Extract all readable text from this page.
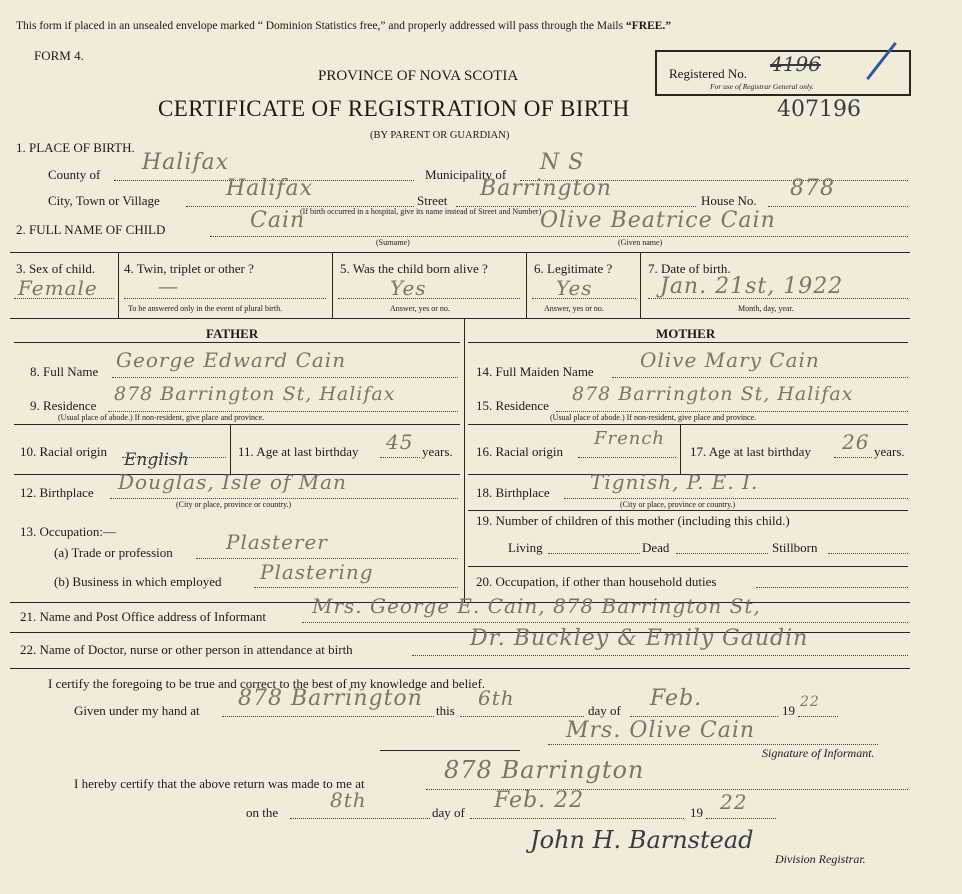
This form if placed in an unsealed envelope marked “ Dominion Statistics free,” and properly addressed will pass through the Mails “FREE.”
FORM 4.
PROVINCE OF NOVA SCOTIA	Registered No. 4196
For use of Registrar General only.
CERTIFICATE OF REGISTRATION OF BIRTH	407196
(BY PARENT OR GUARDIAN)
1. PLACE OF BIRTH.
County of Halifax	Municipality of N S
City, Town or Village	Halifax	Street Barrington	House No. 878
(If birth occurred in a hospital, give its name instead of Street and Number)
2. FULL NAME OF CHILD	Cain	Olive Beatrice Cain
(Surname)	(Given name)
3. Sex of child.
Female
4. Twin, triplet or other ?
—
To be answered only in the event of plural birth.
5. Was the child born alive ?
Yes
Answer, yes or no.
6. Legitimate ?
Yes
Answer, yes or no.
7. Date of birth.
Jan. 21st, 1922
Month, day, year.
FATHER
8. Full Name George Edward Cain
9. Residence
878 Barrington St, Halifax
(Usual place of abode.) If non-resident, give place and province.
10. Racial origin English	11. Age at last birthday 45 years.
12. Birthplace Douglas, Isle of Man
(City or place, province or country.)
13. Occupation:—
(a) Trade or profession	Plasterer
(b) Business in which employed Plastering
MOTHER
14. Full Maiden Name Olive Mary Cain
15. Residence
878 Barrington St, Halifax
(Usual place of abode.) If non-resident, give place and province.
16. Racial origin
French
17. Age at last birthday 26 years.
18. Birthplace Tignish, P. E. I.
(City or place, province or country.)
19. Number of children of this mother (including this child.)
Living	Dead	Stillborn
20. Occupation, if other than household duties
21. Name and Post Office address of Informant Mrs. George E. Cain, 878 Barrington St,
22. Name of Doctor, nurse or other person in attendance at birth	Dr. Buckley & Emily Gaudin
I certify the foregoing to be true and correct to the best of my knowledge and belief.
Given under my hand at 878 Barrington this
6th
day of Feb.	19
22
Mrs. Olive Cain
Signature of Informant.
I hereby certify that the above return was made to me at	878 Barrington
on the
8th
day of Feb. 22	19 22
John H. Barnstead
Division Registrar.
